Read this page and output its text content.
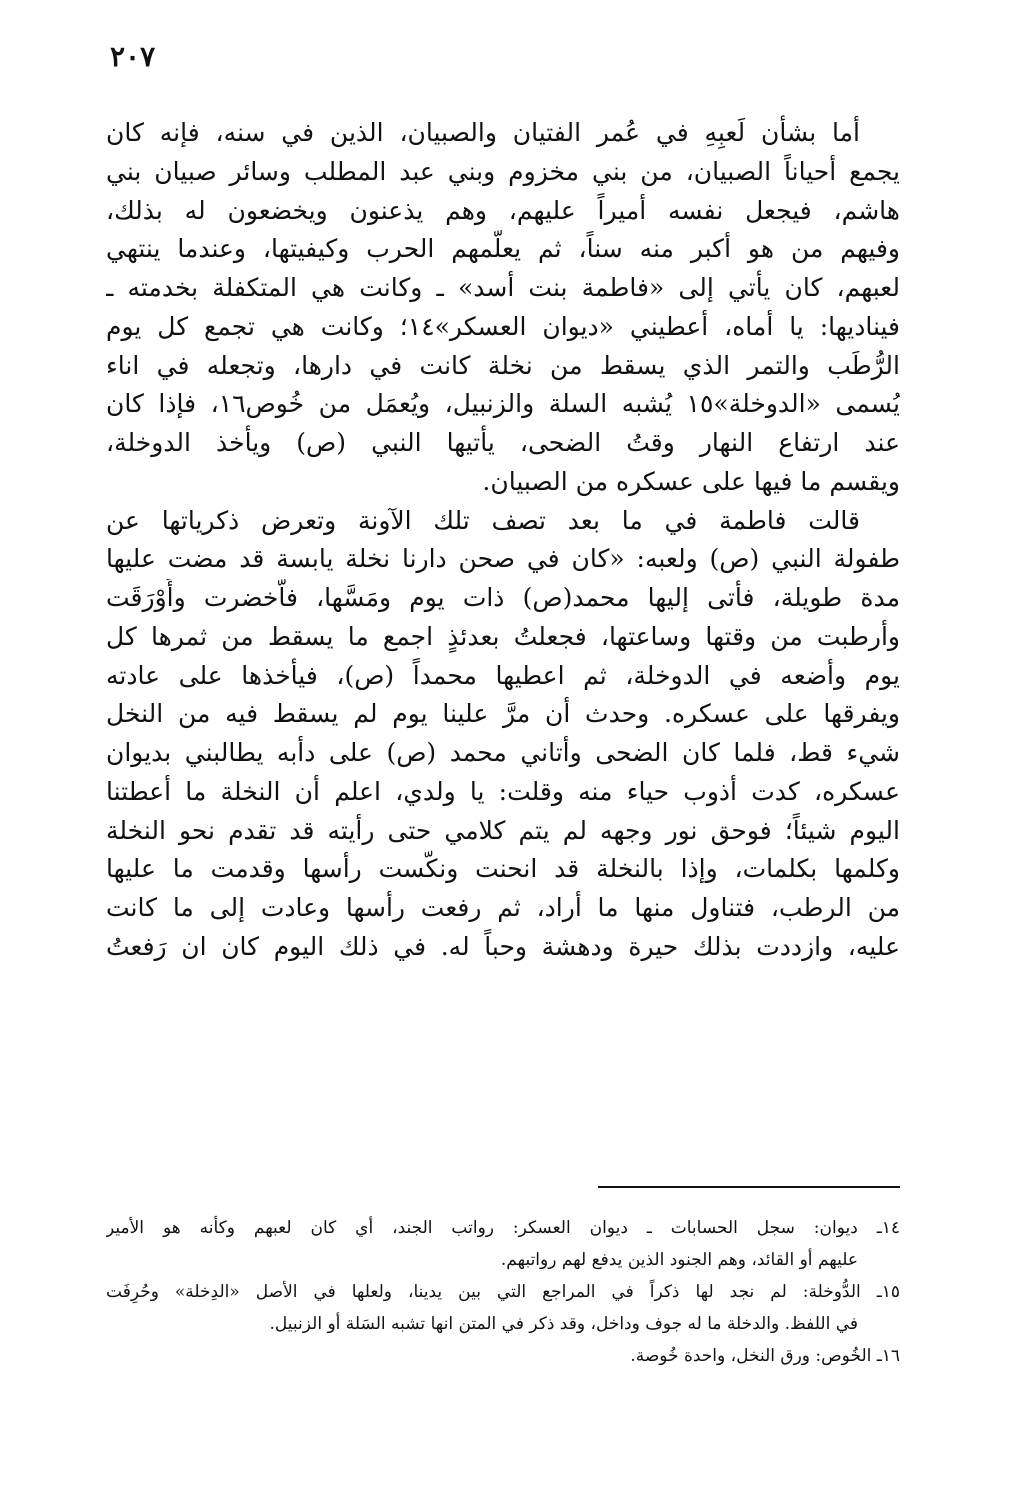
٢٠٧
أما بشأن لَعبِهِ في عُمر الفتيان والصبيان، الذين في سنه، فإنه كان
يجمع أحياناً الصبيان، من بني مخزوم وبني عبد المطلب وسائر صبيان بني
هاشم، فيجعل نفسه أميراً عليهم، وهم يذعنون ويخضعون له بذلك،
وفيهم من هو أكبر منه سناً، ثم يعلّمهم الحرب وكيفيتها، وعندما ينتهي
لعبهم، كان يأتي إلى «فاطمة بنت أسد» ـ وكانت هي المتكفلة بخدمته ـ
فيناديها: يا أماه، أعطيني «ديوان العسكر»١٤؛ وكانت هي تجمع كل يوم
الرُّطَب والتمر الذي يسقط من نخلة كانت في دارها، وتجعله في اناء
يُسمى «الدوخلة»١٥ يُشبه السلة والزنبيل، ويُعمَل من خُوص١٦، فإذا كان
عند ارتفاع النهار وقتُ الضحى، يأتيها النبي (ص) ويأخذ الدوخلة،
ويقسم ما فيها على عسكره من الصبيان.
قالت فاطمة في ما بعد تصف تلك الآونة وتعرض ذكرياتها عن
طفولة النبي (ص) ولعبه: «كان في صحن دارنا نخلة يابسة قد مضت عليها
مدة طويلة، فأتى إليها محمد(ص) ذات يوم ومَسَّها، فاّخضرت وأَوْرَقَت
وأرطبت من وقتها وساعتها، فجعلتُ بعدئذٍ اجمع ما يسقط من ثمرها كل
يوم وأضعه في الدوخلة، ثم اعطيها محمداً (ص)، فيأخذها على عادته
ويفرقها على عسكره. وحدث أن مرَّ علينا يوم لم يسقط فيه من النخل
شيء قط، فلما كان الضحى وأتاني محمد (ص) على دأبه يطالبني بديوان
عسكره، كدت أذوب حياء منه وقلت: يا ولدي، اعلم أن النخلة ما أعطتنا
اليوم شيئاً؛ فوحق نور وجهه لم يتم كلامي حتى رأيته قد تقدم نحو النخلة
وكلمها بكلمات، وإذا بالنخلة قد انحنت ونكّست رأسها وقدمت ما عليها
من الرطب، فتناول منها ما أراد، ثم رفعت رأسها وعادت إلى ما كانت
عليه، وازددت بذلك حيرة ودهشة وحباً له. في ذلك اليوم كان ان رَفعتُ
١٤ـ ديوان: سجل الحسابات ـ ديوان العسكر: رواتب الجند، أي كان لعبهم وكأنه هو الأمير
عليهم أو القائد، وهم الجنود الذين يدفع لهم رواتبهم.
١٥ـ الدُّوخلة: لم نجد لها ذكراً في المراجع التي بين يدينا، ولعلها في الأصل «الدِخلة» وحُرِفَت
في اللفظ. والدخلة ما له جوف وداخل، وقد ذكر في المتن انها تشبه السَلة أو الزنبيل.
١٦ـ الخُوص: ورق النخل، واحدة خُوصة.
